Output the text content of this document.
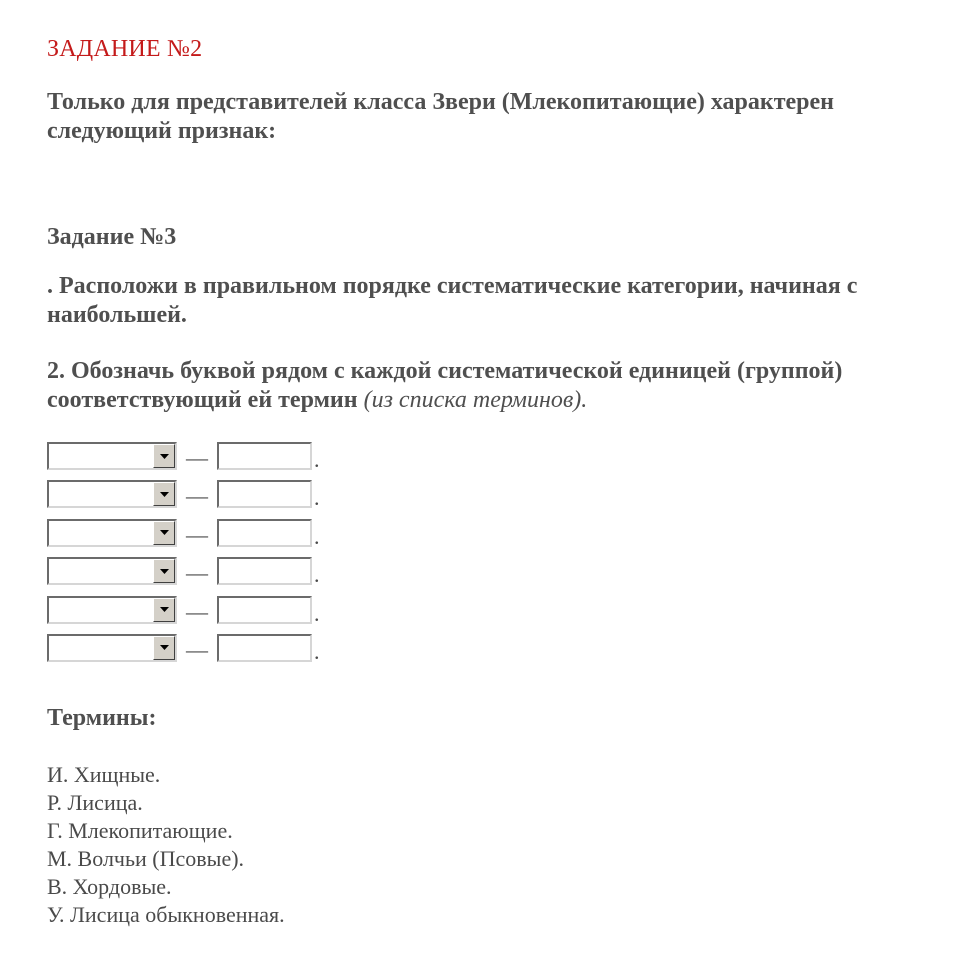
ЗАДАНИЕ №2
Только для представителей класса Звери (Млекопитающие) характерен следующий признак:
Задание №3
. Расположи в правильном порядке систематические категории, начиная с наибольшей.
2. Обозначь буквой рядом с каждой систематической единицей (группой) соответствующий ей термин (из списка терминов).
—	.
—	.
—	.
—	.
—	.
—	.
Термины:
И. Хищные.
Р. Лисица.
Г. Млекопитающие.
М. Волчьи (Псовые).
В. Хордовые.
У. Лисица обыкновенная.
